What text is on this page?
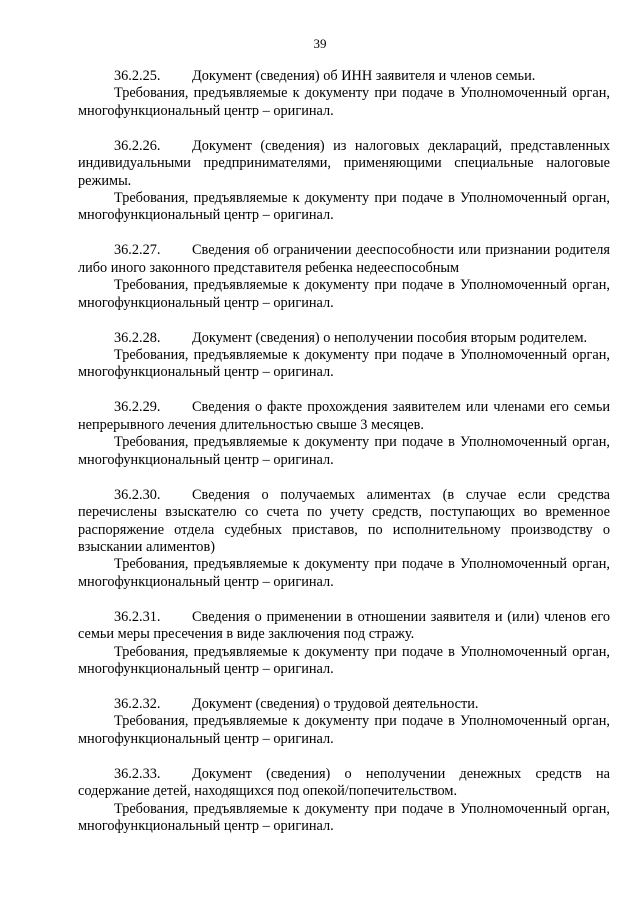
39

36.2.25. Документ (сведения) об ИНН заявителя и членов семьи.

Требования, предъявляемые к документу при подаче в Уполномоченный орган, многофункциональный центр – оригинал.

36.2.26. Документ (сведения) из налоговых деклараций, представленных индивидуальными предпринимателями, применяющими специальные налоговые режимы.

Требования, предъявляемые к документу при подаче в Уполномоченный орган, многофункциональный центр – оригинал.

36.2.27. Сведения об ограничении дееспособности или признании родителя либо иного законного представителя ребенка недееспособным

Требования, предъявляемые к документу при подаче в Уполномоченный орган, многофункциональный центр – оригинал.

36.2.28. Документ (сведения) о неполучении пособия вторым родителем.

Требования, предъявляемые к документу при подаче в Уполномоченный орган, многофункциональный центр – оригинал.

36.2.29. Сведения о факте прохождения заявителем или членами его семьи непрерывного лечения длительностью свыше 3 месяцев.

Требования, предъявляемые к документу при подаче в Уполномоченный орган, многофункциональный центр – оригинал.

36.2.30. Сведения о получаемых алиментах (в случае если средства перечислены взыскателю со счета по учету средств, поступающих во временное распоряжение отдела судебных приставов, по исполнительному производству о взыскании алиментов)

Требования, предъявляемые к документу при подаче в Уполномоченный орган, многофункциональный центр – оригинал.

36.2.31. Сведения о применении в отношении заявителя и (или) членов его семьи меры пресечения в виде заключения под стражу.

Требования, предъявляемые к документу при подаче в Уполномоченный орган, многофункциональный центр – оригинал.

36.2.32. Документ (сведения) о трудовой деятельности.

Требования, предъявляемые к документу при подаче в Уполномоченный орган, многофункциональный центр – оригинал.

36.2.33. Документ (сведения) о неполучении денежных средств на содержание детей, находящихся под опекой/попечительством.

Требования, предъявляемые к документу при подаче в Уполномоченный орган, многофункциональный центр – оригинал.
